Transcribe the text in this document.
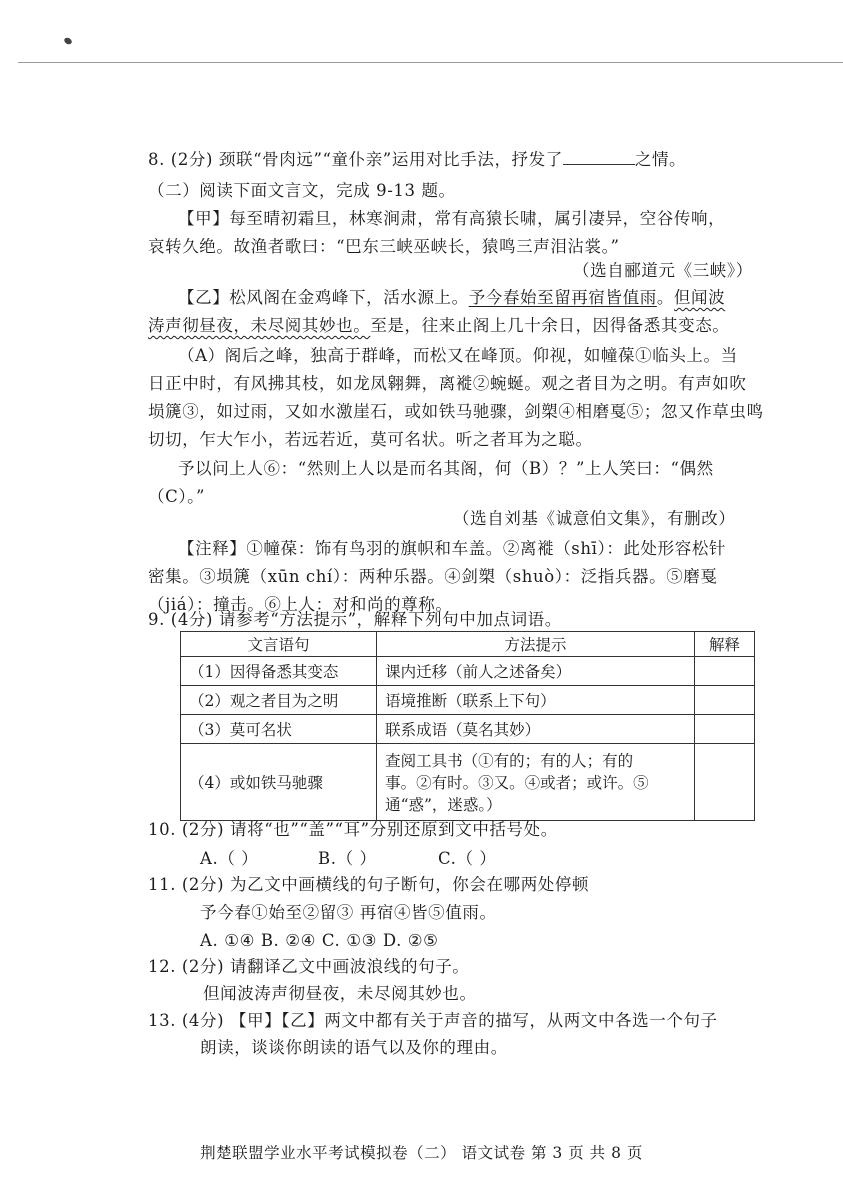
8. (2分) 颈联“骨肉远”“童仆亲”运用对比手法，抒发了	之情。
（二）阅读下面文言文，完成 9-13 题。
【甲】每至晴初霜旦，林寒涧肃，常有高猿长啸，属引凄异，空谷传响，
哀转久绝。故渔者歌曰：“巴东三峡巫峡长，猿鸣三声泪沾裳。”
（选自郦道元《三峡》）
【乙】松风阁在金鸡峰下，活水源上。予今春始至留再宿皆值雨。但闻波
涛声彻昼夜，未尽阅其妙也。至是，往来止阁上几十余日，因得备悉其变态。
（A）阁后之峰，独高于群峰，而松又在峰顶。仰视，如幢葆①临头上。当
日正中时，有风拂其枝，如龙凤翱舞，离褷②蜿蜒。观之者目为之明。有声如吹
埙篪③，如过雨，又如水激崖石，或如铁马驰骤，剑槊④相磨戛⑤；忽又作草虫鸣
切切，乍大乍小，若远若近，莫可名状。听之者耳为之聪。
予以问上人⑥：“然则上人以是而名其阁，何（B）？”上人笑曰：“偶然
（C）。”
（选自刘基《诚意伯文集》，有删改）
【注释】①幢葆：饰有鸟羽的旗帜和车盖。②离褷（shī）：此处形容松针
密集。③埙篪（xūn chí）：两种乐器。④剑槊（shuò）：泛指兵器。⑤磨戛
（jiá）：撞击。⑥上人：对和尚的尊称。
9. (4分) 请参考“方法提示”，解释下列句中加点词语。
文言语句	方法提示	解释
（1）因得备悉其变态	课内迁移（前人之述备矣）	
（2）观之者目为之明	语境推断（联系上下句）	
（3）莫可名状	联系成语（莫名其妙）	
（4）或如铁马驰骤	查阅工具书（①有的；有的人；有的
事。②有时。③又。④或者；或许。⑤
通“惑”，迷惑。）	

10. (2分) 请将“也”“盖”“耳”分别还原到文中括号处。
A.（ ）	B.（ ）	C.（ ）
11. (2分) 为乙文中画横线的句子断句，你会在哪两处停顿
予今春①始至②留③ 再宿④皆⑤值雨。
A. ①④ B. ②④ C. ①③ D. ②⑤
12. (2分) 请翻译乙文中画波浪线的句子。
但闻波涛声彻昼夜，未尽阅其妙也。
13. (4分) 【甲】【乙】两文中都有关于声音的描写，从两文中各选一个句子
朗读，谈谈你朗读的语气以及你的理由。
荆楚联盟学业水平考试模拟卷（二） 语文试卷 第 3 页 共 8 页
